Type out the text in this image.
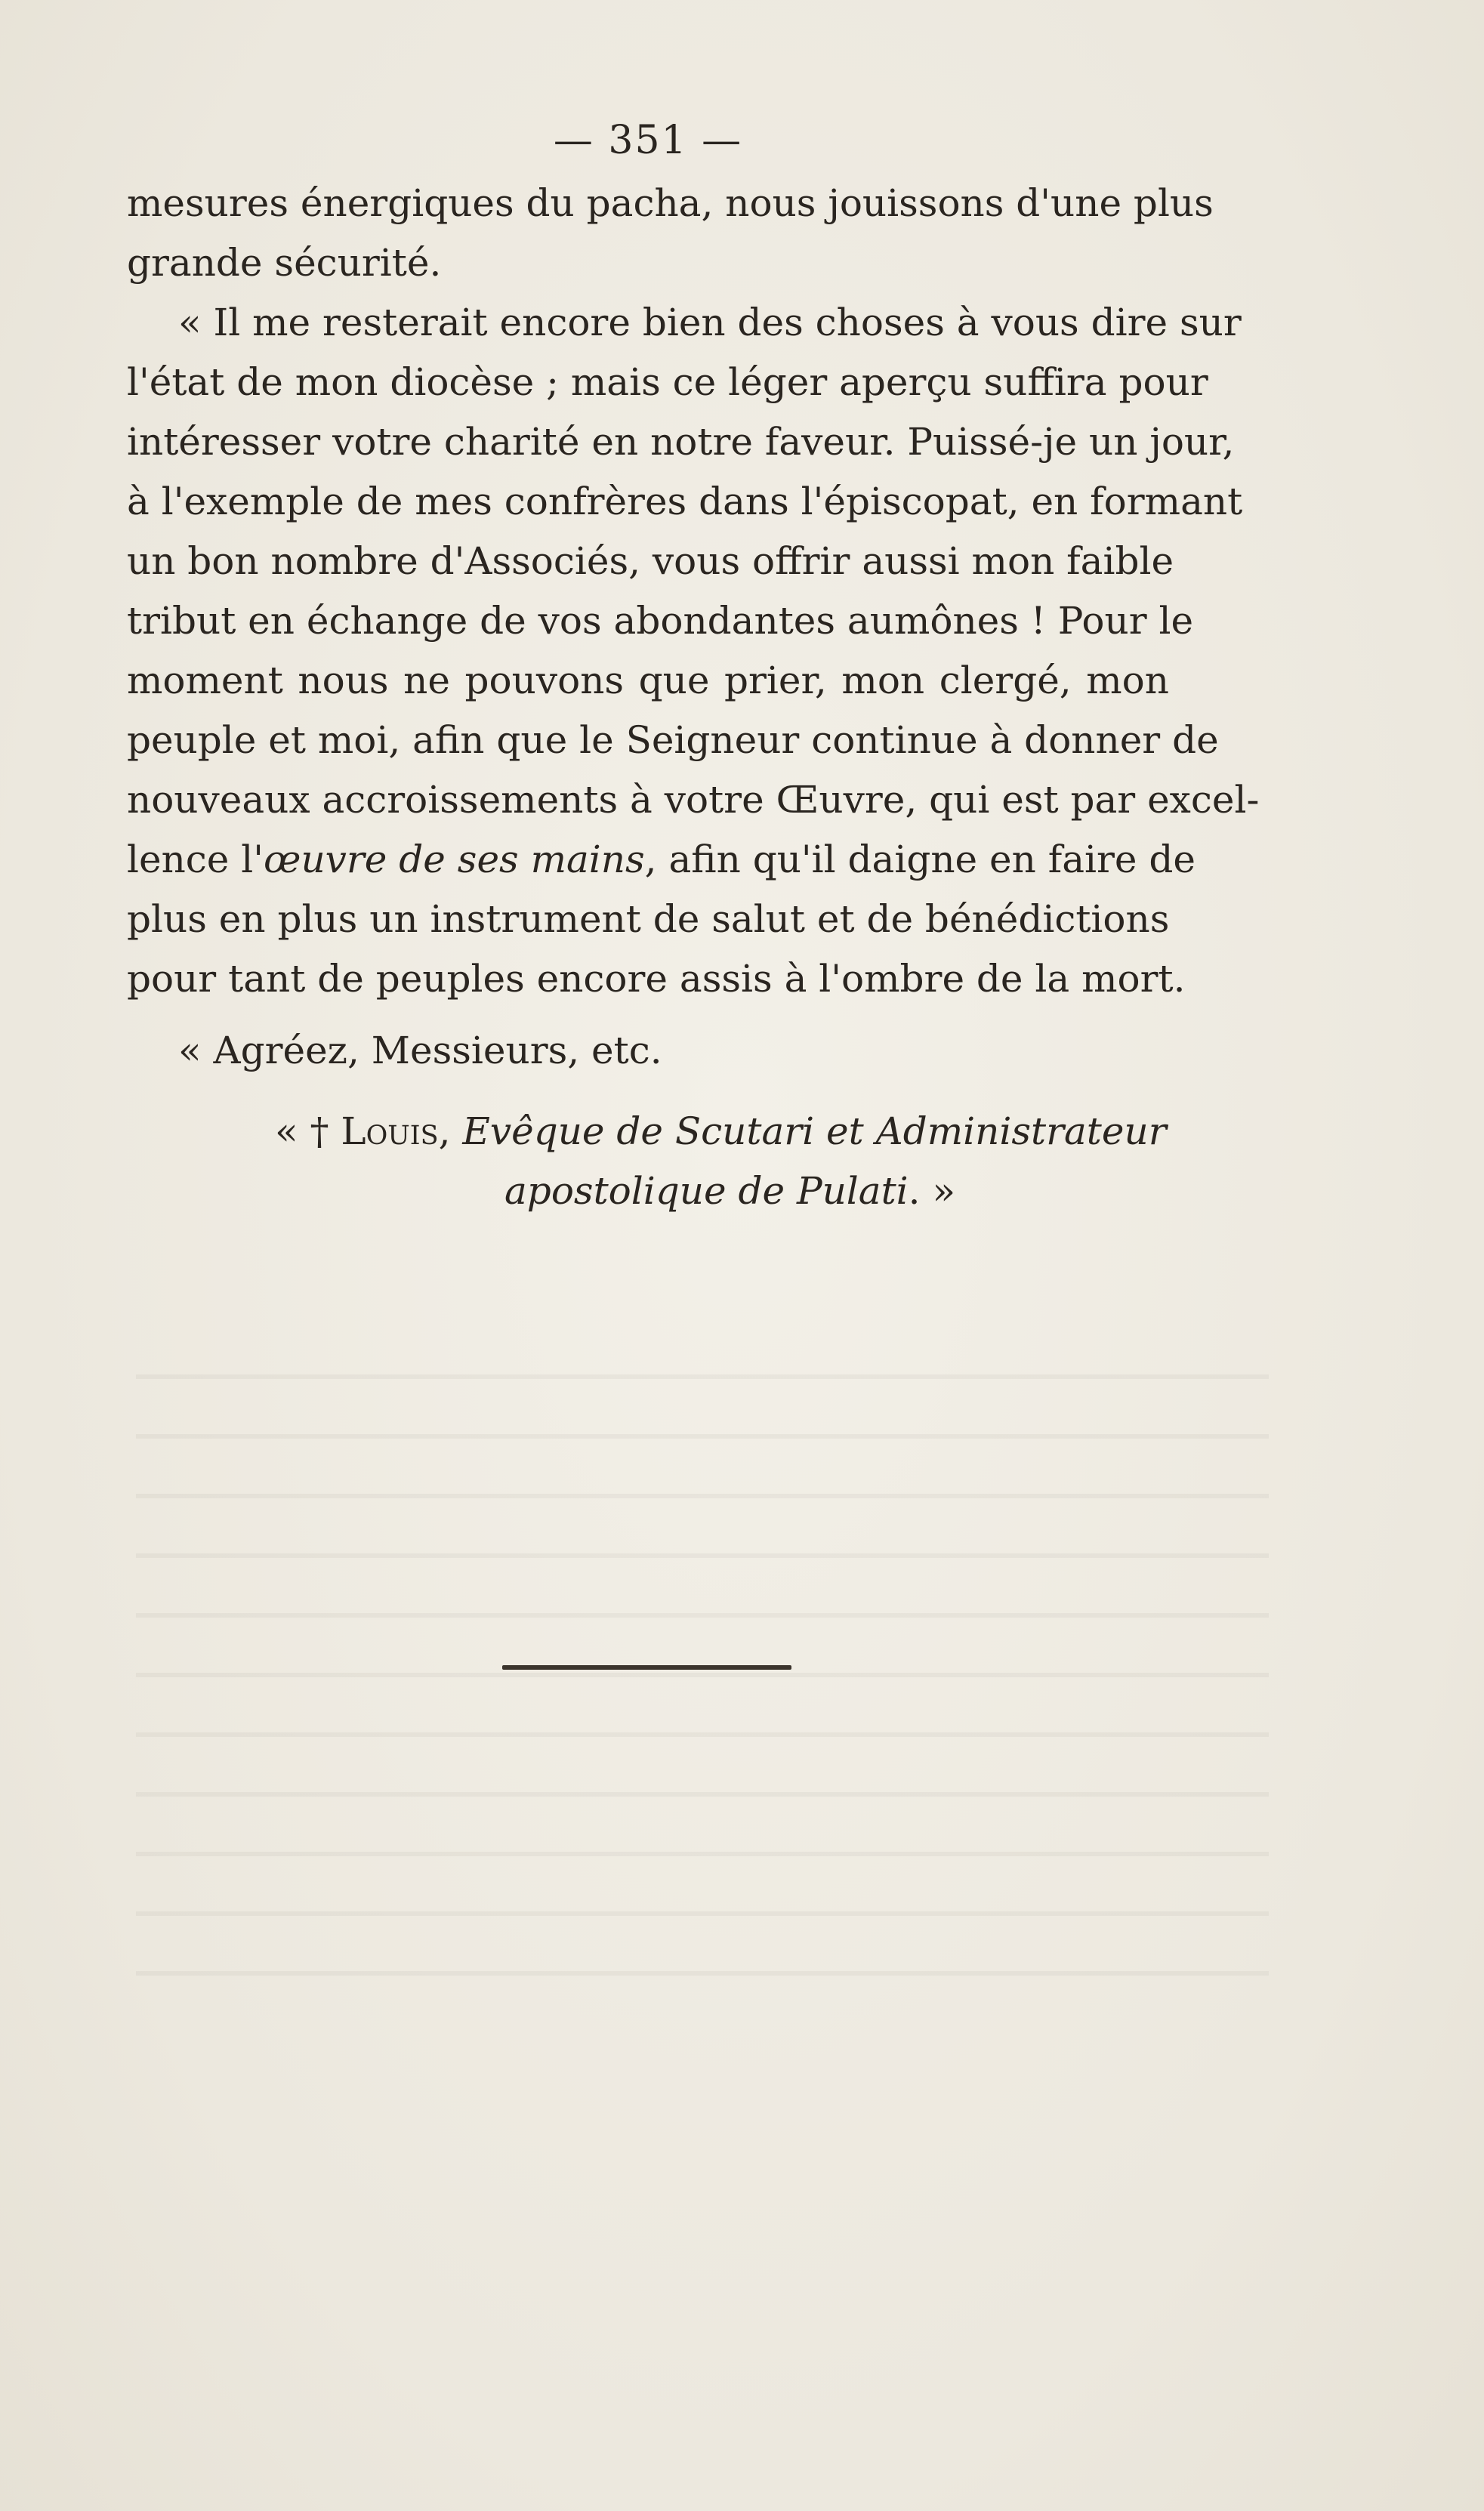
— 351 —
mesures énergiques du pacha, nous jouissons d'une plus
grande sécurité.
« Il me resterait encore bien des choses à vous dire sur
l'état de mon diocèse ; mais ce léger aperçu suffira pour
intéresser votre charité en notre faveur. Puissé-je un jour,
à l'exemple de mes confrères dans l'épiscopat, en formant
un bon nombre d'Associés, vous offrir aussi mon faible
tribut en échange de vos abondantes aumônes ! Pour le
moment nous ne pouvons que prier, mon clergé, mon
peuple et moi, afin que le Seigneur continue à donner de
nouveaux accroissements à votre Œuvre, qui est par excel-
lence l'œuvre de ses mains, afin qu'il daigne en faire de
plus en plus un instrument de salut et de bénédictions
pour tant de peuples encore assis à l'ombre de la mort.
« Agréez, Messieurs, etc.
« † Louis, Evêque de Scutari et Administrateur
apostolique de Pulati. »
